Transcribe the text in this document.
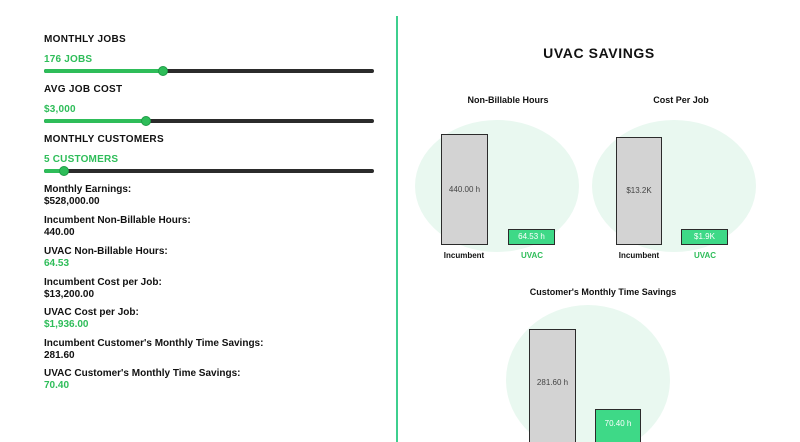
MONTHLY JOBS
176 JOBS
AVG JOB COST
$3,000
MONTHLY CUSTOMERS
5 CUSTOMERS
Monthly Earnings:
$528,000.00
Incumbent Non-Billable Hours:
440.00
UVAC Non-Billable Hours:
64.53
Incumbent Cost per Job:
$13,200.00
UVAC Cost per Job:
$1,936.00
Incumbent Customer's Monthly Time Savings:
281.60
UVAC Customer's Monthly Time Savings:
70.40
UVAC SAVINGS
Non-Billable Hours
440.00 h
64.53 h
Incumbent	UVAC
Cost Per Job
$13.2K
$1.9K
Incumbent	UVAC
Customer's Monthly Time Savings
281.60 h
70.40 h
